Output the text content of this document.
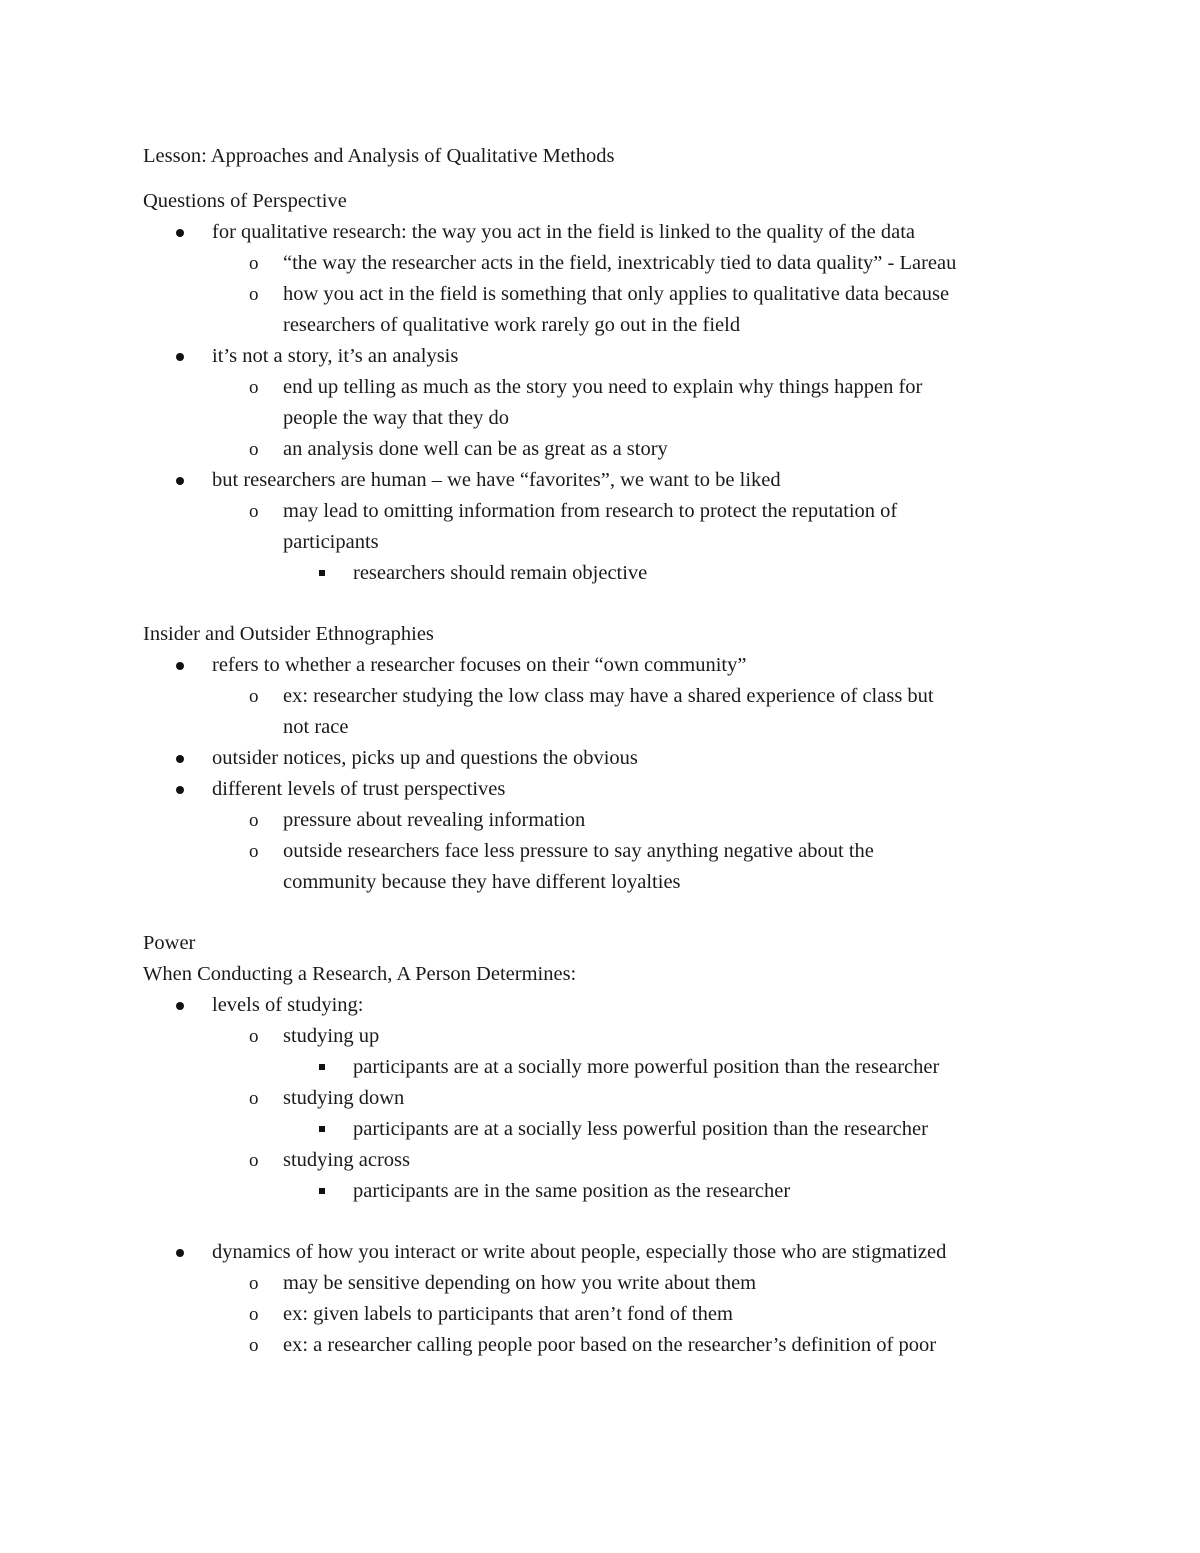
Lesson: Approaches and Analysis of Qualitative Methods
Questions of Perspective
for qualitative research: the way you act in the field is linked to the quality of the data
o “the way the researcher acts in the field, inextricably tied to data quality” - Lareau
o how you act in the field is something that only applies to qualitative data because
researchers of qualitative work rarely go out in the field
it’s not a story, it’s an analysis
o end up telling as much as the story you need to explain why things happen for
people the way that they do
o an analysis done well can be as great as a story
but researchers are human – we have “favorites”, we want to be liked
o may lead to omitting information from research to protect the reputation of
participants
researchers should remain objective
Insider and Outsider Ethnographies
refers to whether a researcher focuses on their “own community”
o ex: researcher studying the low class may have a shared experience of class but
not race
outsider notices, picks up and questions the obvious
different levels of trust perspectives
o pressure about revealing information
o outside researchers face less pressure to say anything negative about the
community because they have different loyalties
Power
When Conducting a Research, A Person Determines:
levels of studying:
o studying up
participants are at a socially more powerful position than the researcher
o studying down
participants are at a socially less powerful position than the researcher
o studying across
participants are in the same position as the researcher
dynamics of how you interact or write about people, especially those who are stigmatized
o may be sensitive depending on how you write about them
o ex: given labels to participants that aren’t fond of them
o ex: a researcher calling people poor based on the researcher’s definition of poor
